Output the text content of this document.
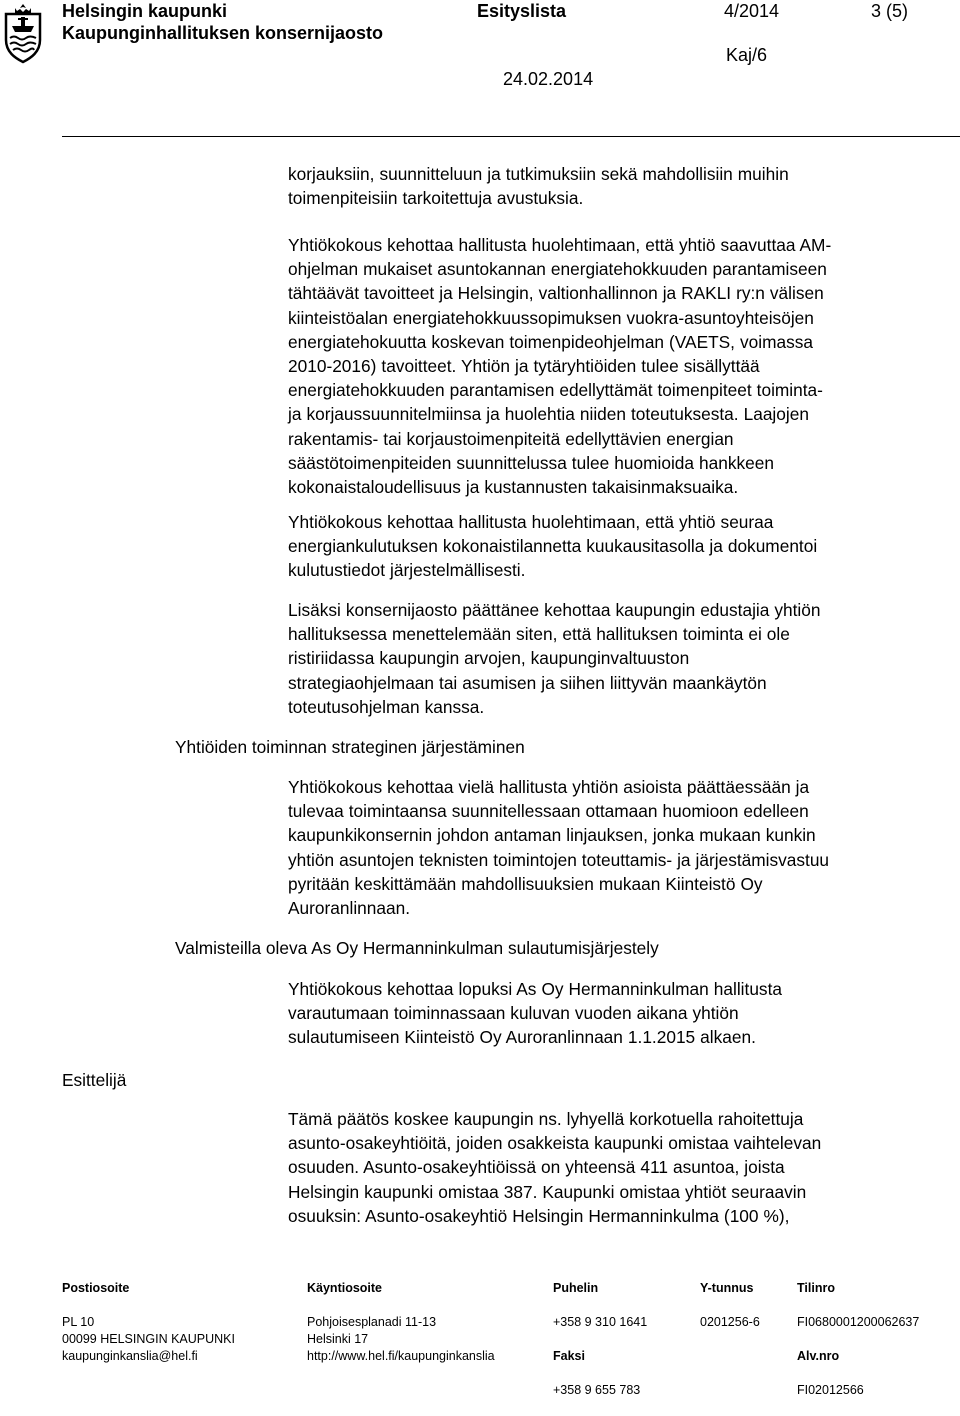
Helsingin kaupunki
Kaupunginhallituksen konsernijaosto
Esityslista	4/2014	3 (5)
Kaj/6
24.02.2014

korjauksiin, suunnitteluun ja tutkimuksiin sekä mahdollisiin muihin
toimenpiteisiin tarkoitettuja avustuksia.

Yhtiökokous kehottaa hallitusta huolehtimaan, että yhtiö saavuttaa AM-
ohjelman mukaiset asuntokannan energiatehokkuuden parantamiseen
tähtäävät tavoitteet ja Helsingin, valtionhallinnon ja RAKLI ry:n välisen
kiinteistöalan energiatehokkuussopimuksen vuokra-asuntoyhteisöjen
energiatehokuutta koskevan toimenpideohjelman (VAETS, voimassa
2010-2016) tavoitteet. Yhtiön ja tytäryhtiöiden tulee sisällyttää
energiatehokkuuden parantamisen edellyttämät toimenpiteet toiminta-
ja korjaussuunnitelmiinsa ja huolehtia niiden toteutuksesta. Laajojen
rakentamis- tai korjaustoimenpiteitä edellyttävien energian
säästötoimenpiteiden suunnittelussa tulee huomioida hankkeen
kokonaistaloudellisuus ja kustannusten takaisinmaksuaika.

Yhtiökokous kehottaa hallitusta huolehtimaan, että yhtiö seuraa
energiankulutuksen kokonaistilannetta kuukausitasolla ja dokumentoi
kulutustiedot järjestelmällisesti.

Lisäksi konsernijaosto päättänee kehottaa kaupungin edustajia yhtiön
hallituksessa menettelemään siten, että hallituksen toiminta ei ole
ristiriidassa kaupungin arvojen, kaupunginvaltuuston
strategiaohjelmaan tai asumisen ja siihen liittyvän maankäytön
toteutusohjelman kanssa.

Yhtiöiden toiminnan strateginen järjestäminen

Yhtiökokous kehottaa vielä hallitusta yhtiön asioista päättäessään ja
tulevaa toimintaansa suunnitellessaan ottamaan huomioon edelleen
kaupunkikonsernin johdon antaman linjauksen, jonka mukaan kunkin
yhtiön asuntojen teknisten toimintojen toteuttamis- ja järjestämisvastuu
pyritään keskittämään mahdollisuuksien mukaan Kiinteistö Oy
Auroranlinnaan.

Valmisteilla oleva As Oy Hermanninkulman sulautumisjärjestely

Yhtiökokous kehottaa lopuksi As Oy Hermanninkulman hallitusta
varautumaan toiminnassaan kuluvan vuoden aikana yhtiön
sulautumiseen Kiinteistö Oy Auroranlinnaan 1.1.2015 alkaen.

Esittelijä

Tämä päätös koskee kaupungin ns. lyhyellä korkotuella rahoitettuja
asunto-osakeyhtiöitä, joiden osakkeista kaupunki omistaa vaihtelevan
osuuden. Asunto-osakeyhtiöissä on yhteensä 411 asuntoa, joista
Helsingin kaupunki omistaa 387. Kaupunki omistaa yhtiöt seuraavin
osuuksin: Asunto-osakeyhtiö Helsingin Hermanninkulma (100 %),

Postiosoite

PL 10
00099 HELSINGIN KAUPUNKI
kaupunginkanslia@hel.fi

Käyntiosoite

Pohjoisesplanadi 11-13
Helsinki 17
http://www.hel.fi/kaupunginkanslia

Puhelin

+358 9 310 1641

Faksi

+358 9 655 783

Y-tunnus

0201256-6

Tilinro

FI0680001200062637

Alv.nro

FI02012566
